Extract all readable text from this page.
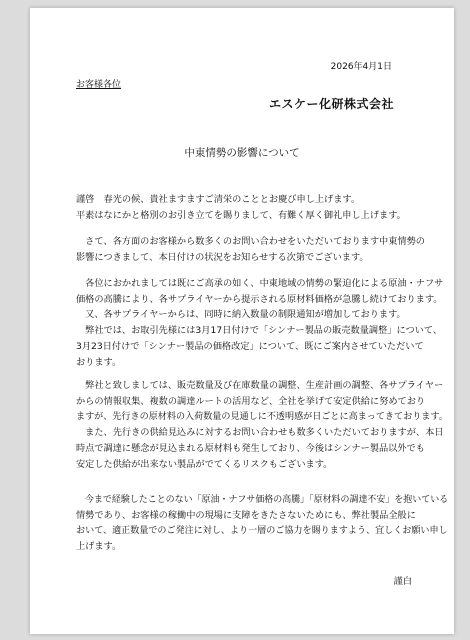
2026年4月1日
お客様各位
エスケー化研株式会社
中東情勢の影響について
謹啓　春光の候、貴社ますますご清栄のこととお慶び申し上げます。
平素はなにかと格別のお引き立てを賜りまして、有難く厚く御礼申し上げます。

　さて、各方面のお客様から数多くのお問い合わせをいただいております中東情勢の

影響につきまして、本日付けの状況をお知らせする次第でございます。

　各位におかれましては既にご高承の如く、中東地域の情勢の緊迫化による原油・ナフサ

価格の高騰により、各サプライヤーから提示される原材料価格が急騰し続けております。

　又、各サプライヤーからは、同時に納入数量の制限通知が増加しております。

　弊社では、お取引先様には3月17日付けで「シンナー製品の販売数量調整」について、

3月23日付けで「シンナー製品の価格改定」について、既にご案内させていただいて

おります。

　弊社と致しましては、販売数量及び在庫数量の調整、生産計画の調整、各サプライヤー

からの情報収集、複数の調達ルートの活用など、全社を挙げて安定供給に努めており

ますが、先行きの原材料の入荷数量の見通しに不透明感が日ごとに高まってきております。

　また、先行きの供給見込みに対するお問い合わせも数多くいただいておりますが、本日

時点で調達に懸念が見込まれる原材料も発生しており、今後はシンナー製品以外でも

安定した供給が出来ない製品がでてくるリスクもございます。

　今まで経験したことのない「原油・ナフサ価格の高騰」「原材料の調達不安」を抱いている

情勢であり、お客様の稼働中の現場に支障をきたさないためにも、弊社製品全般に

おいて、適正数量でのご発注に対し、より一層のご協力を賜りますよう、宜しくお願い申し

上げます。

謹白
